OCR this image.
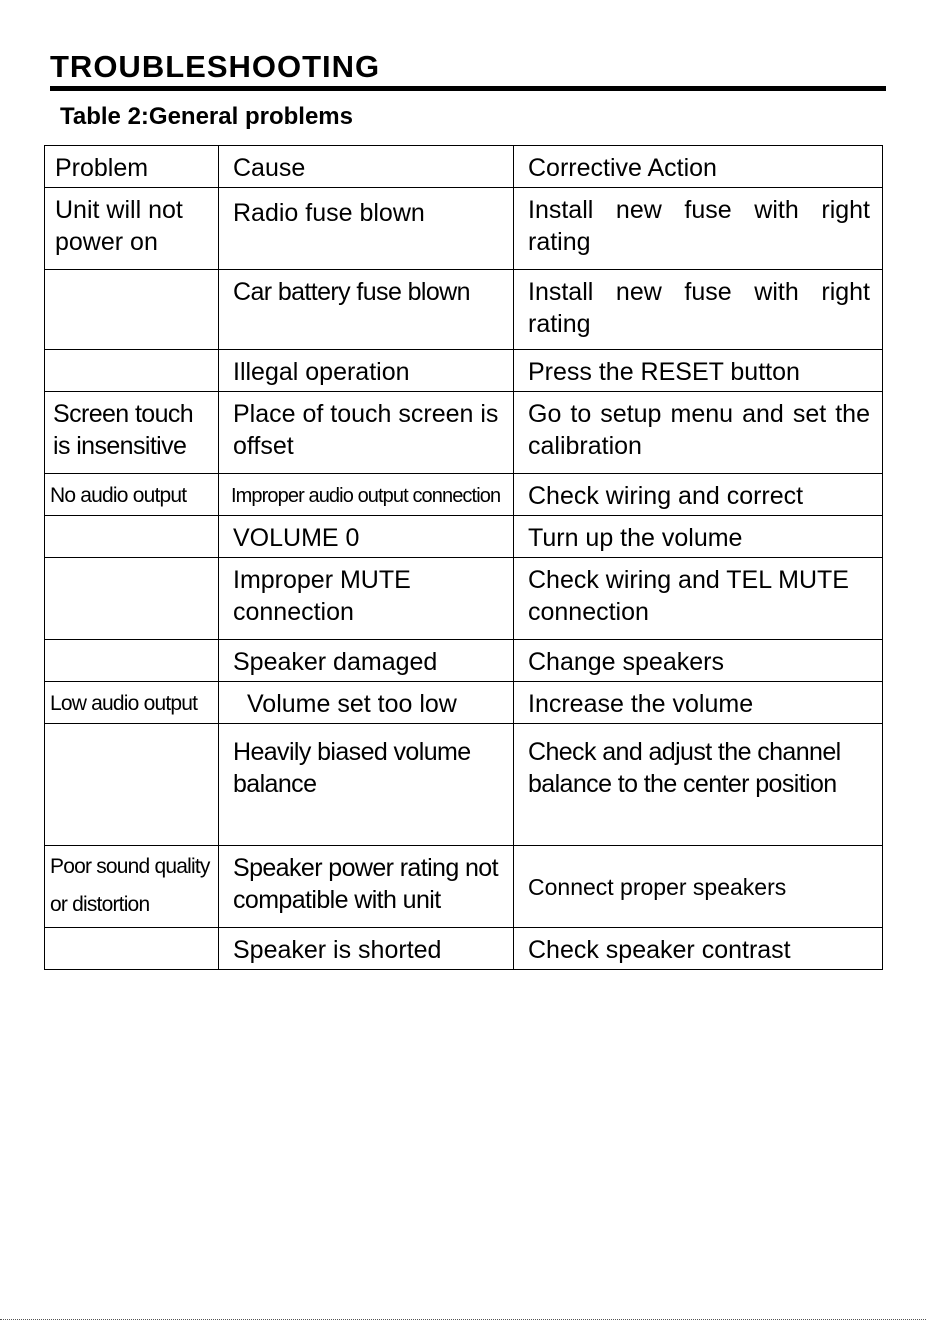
TROUBLESHOOTING
Table 2:General problems
Problem	Cause	Corrective Action
Unit will not power on	Radio fuse blown	Install new fuse with right rating
	Car battery fuse blown	Install new fuse with right rating
	Illegal operation	Press the RESET button
Screen touch is insensitive	Place of touch screen is offset	Go to setup menu and set the calibration
No audio output	Improper audio output connection	Check wiring and correct
	VOLUME 0	Turn up the volume
	Improper MUTE connection	Check wiring and TEL MUTE connection
	Speaker damaged	Change speakers
Low audio output	Volume set too low	Increase the volume
	Heavily biased volume balance	Check and adjust the channel balance to the center position
Poor sound quality or distortion	Speaker power rating not compatible with unit	Connect proper speakers
	Speaker is shorted	Check speaker contrast
